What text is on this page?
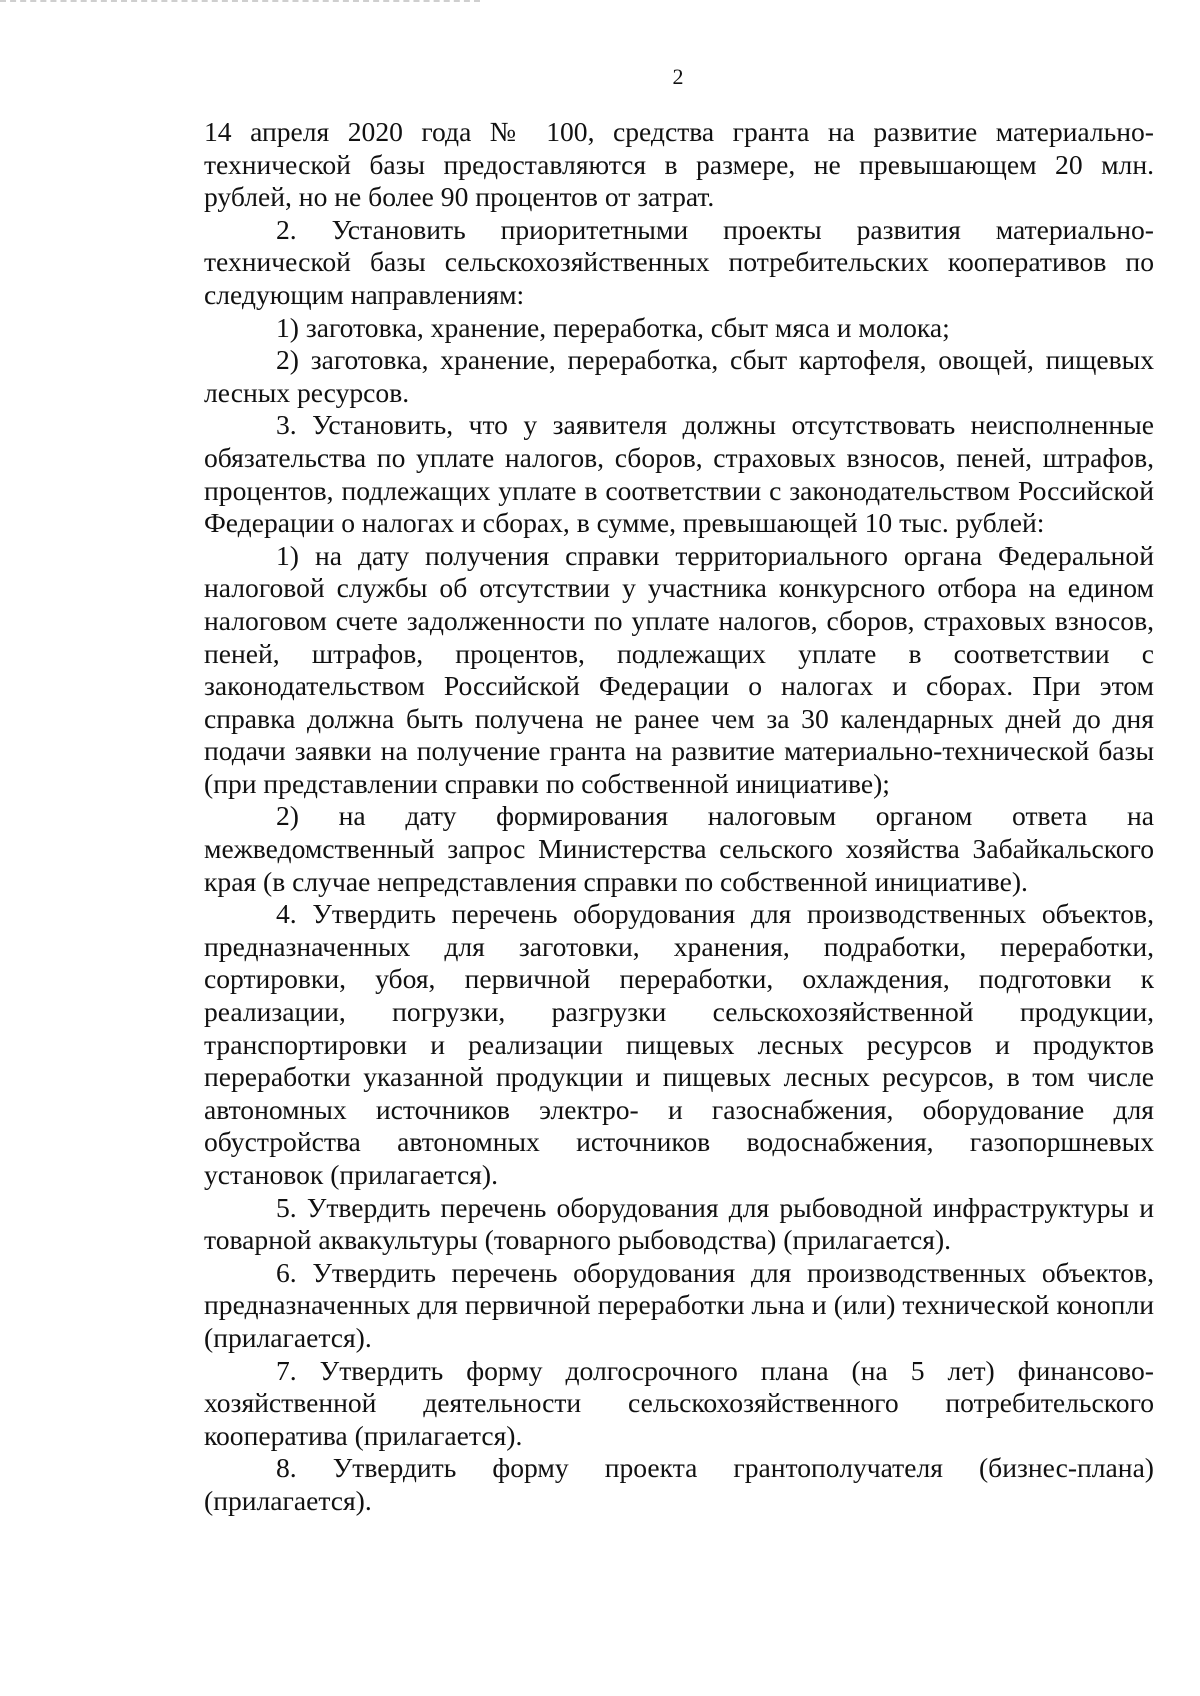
2

14 апреля 2020 года № 100, средства гранта на развитие материально-технической базы предоставляются в размере, не превышающем 20 млн. рублей, но не более 90 процентов от затрат.

2. Установить приоритетными проекты развития материально-технической базы сельскохозяйственных потребительских кооперативов по следующим направлениям:

1) заготовка, хранение, переработка, сбыт мяса и молока;

2) заготовка, хранение, переработка, сбыт картофеля, овощей, пищевых лесных ресурсов.

3. Установить, что у заявителя должны отсутствовать неисполненные обязательства по уплате налогов, сборов, страховых взносов, пеней, штрафов, процентов, подлежащих уплате в соответствии с законодательством Российской Федерации о налогах и сборах, в сумме, превышающей 10 тыс. рублей:

1) на дату получения справки территориального органа Федеральной налоговой службы об отсутствии у участника конкурсного отбора на едином налоговом счете задолженности по уплате налогов, сборов, страховых взносов, пеней, штрафов, процентов, подлежащих уплате в соответствии с законодательством Российской Федерации о налогах и сборах. При этом справка должна быть получена не ранее чем за 30 календарных дней до дня подачи заявки на получение гранта на развитие материально-технической базы (при представлении справки по собственной инициативе);

2) на дату формирования налоговым органом ответа на межведомственный запрос Министерства сельского хозяйства Забайкальского края (в случае непредставления справки по собственной инициативе).

4. Утвердить перечень оборудования для производственных объектов, предназначенных для заготовки, хранения, подработки, переработки, сортировки, убоя, первичной переработки, охлаждения, подготовки к реализации, погрузки, разгрузки сельскохозяйственной продукции, транспортировки и реализации пищевых лесных ресурсов и продуктов переработки указанной продукции и пищевых лесных ресурсов, в том числе автономных источников электро- и газоснабжения, оборудование для обустройства автономных источников водоснабжения, газопоршневых установок (прилагается).

5. Утвердить перечень оборудования для рыбоводной инфраструктуры и товарной аквакультуры (товарного рыбоводства) (прилагается).

6. Утвердить перечень оборудования для производственных объектов, предназначенных для первичной переработки льна и (или) технической конопли (прилагается).

7. Утвердить форму долгосрочного плана (на 5 лет) финансово-хозяйственной деятельности сельскохозяйственного потребительского кооператива (прилагается).

8. Утвердить форму проекта грантополучателя (бизнес-плана) (прилагается).
